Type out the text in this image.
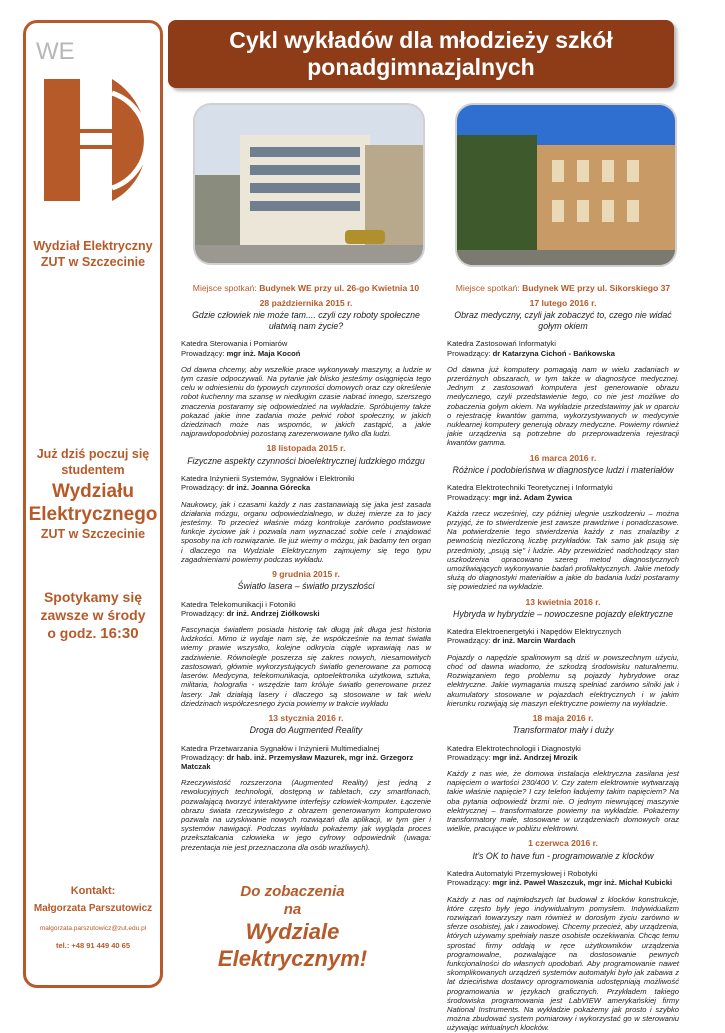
WE
Wydział Elektryczny ZUT w Szczecinie
Już dziś poczuj się studentem
Wydziału Elektrycznego
ZUT w Szczecinie
Spotykamy się zawsze w środy o godz. 16:30
Kontakt:
Małgorzata Parszutowicz
malgorzata.parszutowicz@zut.edu.pl
tel.: +48 91 449 40 65
Cykl wykładów dla młodzieży szkół ponadgimnazjalnych
Miejsce spotkań: Budynek WE przy ul. 26-go Kwietnia 10
28 października 2015 r.
Gdzie człowiek nie może tam.... czyli czy roboty społeczne ułatwią nam życie?
Katedra Sterowania i Pomiarów
Prowadzący: mgr inż. Maja Kocoń
Od dawna chcemy, aby wszelkie prace wykonywały maszyny, a ludzie w tym czasie odpoczywali. Na pytanie jak blisko jesteśmy osiągnięcia tego celu w odniesieniu do typowych czynności domowych oraz czy określenie robot kuchenny ma szansę w niedługim czasie nabrać innego, szerszego znaczenia postaramy się odpowiedzieć na wykładzie. Spróbujemy także pokazać jakie inne zadania może pełnić robot społeczny, w jakich dziedzinach może nas wspomóc, w jakich zastąpić, a jakie najprawdopodobniej pozostaną zarezerwowane tylko dla ludzi.
18 listopada 2015 r.
Fizyczne aspekty czynności bioelektrycznej ludzkiego mózgu
Katedra Inżynierii Systemów, Sygnałów i Elektroniki
Prowadzący: dr inż. Joanna Górecka
Naukowcy, jak i czasami każdy z nas zastanawiają się jaka jest zasada działania mózgu, organu odpowiedzialnego, w dużej mierze za to jacy jesteśmy. To przecież właśnie mózg kontroluje zarówno podstawowe funkcje życiowe jak i pozwala nam wyznaczać sobie cele i znajdować sposoby na ich rozwiązanie. Ile już wiemy o mózgu, jak badamy ten organ i dlaczego na Wydziale Elektrycznym zajmujemy się tego typu zagadnieniami powiemy podczas wykładu.
9 grudnia 2015 r.
Światło lasera – światło przyszłości
Katedra Telekomunikacji i Fotoniki
Prowadzący: dr inż. Andrzej Ziółkowski
Fascynacja światłem posiada historię tak długą jak długa jest historia ludzkości. Mimo iż wydaje nam się, że współcześnie na temat światła wiemy prawie wszystko, kolejne odkrycia ciągle wprawiają nas w zadziwienie. Równolegle poszerza się zakres nowych, niesamowitych zastosowań, głównie wykorzystujących światło generowane za pomocą laserów. Medycyna, telekomunikacja, optoelektronika użytkowa, sztuka, militaria, holografia - wszędzie tam króluje światło generowane przez lasery. Jak działają lasery i dlaczego są stosowane w tak wielu dziedzinach współczesnego życia powiemy w trakcie wykładu
13 stycznia 2016 r.
Droga do Augmented Reality
Katedra Przetwarzania Sygnałów i Inżynierii Multimedialnej
Prowadzący: dr hab. inż. Przemysław Mazurek, mgr inż. Grzegorz Matczak
Rzeczywistość rozszerzona (Augmented Reality) jest jedną z rewolucyjnych technologii, dostępną w tabletach, czy smartfonach, pozwalającą tworzyć interaktywne interfejsy człowiek-komputer. Łączenie obrazu świata rzeczywistego z obrazem generowanym komputerowo pozwala na uzyskiwanie nowych rozwiązań dla aplikacji, w tym gier i systemów nawigacji. Podczas wykładu pokażemy jak wygląda proces przekształcania człowieka w jego cyfrowy odpowiednik (uwaga: prezentacja nie jest przeznaczona dla osób wrażliwych).
Miejsce spotkań: Budynek WE przy ul. Sikorskiego 37
17 lutego 2016 r.
Obraz medyczny, czyli jak zobaczyć to, czego nie widać gołym okiem
Katedra Zastosowań Informatyki
Prowadzący: dr Katarzyna Cichoń - Bańkowska
Od dawna już komputery pomagają nam w wielu zadaniach w przeróżnych obszarach, w tym także w diagnostyce medycznej. Jednym z zastosowań komputera jest generowanie obrazu medycznego, czyli przedstawienie tego, co nie jest możliwe do zobaczenia gołym okiem. Na wykładzie przedstawimy jak w oparciu o rejestrację kwantów gamma, wykorzystywanych w medycynie nuklearnej komputery generują obrazy medyczne. Powiemy również jakie urządzenia są potrzebne do przeprowadzenia rejestracji kwantów gamma.
16 marca 2016 r.
Różnice i podobieństwa w diagnostyce ludzi i materiałów
Katedra Elektrotechniki Teoretycznej i Informatyki
Prowadzący: mgr inż. Adam Żywica
Każda rzecz wcześniej, czy później ulegnie uszkodzeniu – można przyjąć, że to stwierdzenie jest zawsze prawdziwe i ponadczasowe. Na potwierdzenie tego stwierdzenia każdy z nas znalazłby z pewnością niezliczoną liczbę przykładów. Tak samo jak psują się przedmioty, „psują się" i ludzie. Aby przewidzieć nadchodzący stan uszkodzenia opracowano szereg metod diagnostycznych umożliwiających wykonywanie badań profilaktycznych. Jakie metody służą do diagnostyki materiałów a jakie do badania ludzi postaramy się powiedzieć na wykładzie.
13 kwietnia 2016 r.
Hybryda w hybrydzie – nowoczesne pojazdy elektryczne
Katedra Elektroenergetyki i Napędów Elektrycznych
Prowadzący: dr inż. Marcin Wardach
Pojazdy o napędzie spalinowym są dziś w powszechnym użyciu, choć od dawna wiadomo, że szkodzą środowisku naturalnemu. Rozwiązaniem tego problemu są pojazdy hybrydowe oraz elektryczne. Jakie wymagania muszą spełniać zarówno silniki jak i akumulatory stosowane w pojazdach elektrycznych i w jakim kierunku rozwijają się maszyn elektryczne powiemy na wykładzie.
18 maja 2016 r.
Transformator mały i duży
Katedra Elektrotechnologii i Diagnostyki
Prowadzący: mgr inż. Andrzej Mrozik
Każdy z nas wie, że domowa instalacja elektryczna zasilana jest napięciem o wartości 230/400 V. Czy zatem elektrownie wytwarzają takie właśnie napięcie? I czy telefon ładujemy takim napięciem? Na oba pytania odpowiedź brzmi nie. O jednym niewrującej maszynie elektrycznej – transformatorze powiemy na wykładzie. Pokażemy transformatory małe, stosowane w urządzeniach domowych oraz wielkie, pracujące w pobliżu elektrowni.
1 czerwca 2016 r.
It's OK to have fun - programowanie z klocków
Katedra Automatyki Przemysłowej i Robotyki
Prowadzący: mgr inż. Paweł Waszczuk, mgr inż. Michał Kubicki
Każdy z nas od najmłodszych lat budował z klocków konstrukcje, które często były jego indywidualnym pomysłem. Indywidualizm rozwiązań towarzyszy nam również w dorosłym życiu zarówno w sferze osobistej, jak i zawodowej. Chcemy przecież, aby urządzenia, których używamy spełniały nasze osobiste oczekiwania. Chcąc temu sprostać firmy oddają w ręce użytkowników urządzenia programowalne, pozwalające na dostosowanie pewnych funkcjonalności do własnych upodobań. Aby programowanie nawet skomplikowanych urządzeń systemów automatyki było jak zabawa z lat dzieciństwa dostawcy oprogramowania udostępniają możliwość programowania w językach graficznych. Przykładem takiego środowiska programowania jest LabVIEW amerykańskiej firmy National Instruments. Na wykładzie pokażemy jak prosto i szybko można zbudować system pomiarowy i wykorzystać go w sterowaniu używając wirtualnych klocków.
Do zobaczenia
na
Wydziale
Elektrycznym!
